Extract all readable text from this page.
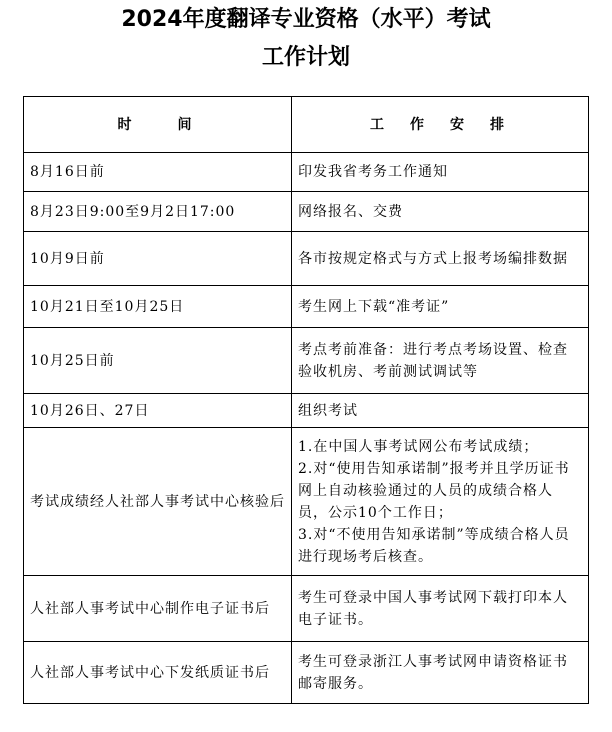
2024年度翻译专业资格（水平）考试
工作计划
时　　间	工　作　安　排
8月16日前	印发我省考务工作通知
8月23日9:00至9月2日17:00	网络报名、交费
10月9日前	各市按规定格式与方式上报考场编排数据
10月21日至10月25日	考生网上下载“准考证”
10月25日前	考点考前准备：进行考点考场设置、检查验收机房、考前测试调试等
10月26日、27日	组织考试
考试成绩经人社部人事考试中心核验后	1.在中国人事考试网公布考试成绩；
2.对“使用告知承诺制”报考并且学历证书网上自动核验通过的人员的成绩合格人员，公示10个工作日；
3.对“不使用告知承诺制”等成绩合格人员进行现场考后核查。

人社部人事考试中心制作电子证书后	考生可登录中国人事考试网下载打印本人电子证书。
人社部人事考试中心下发纸质证书后	考生可登录浙江人事考试网申请资格证书邮寄服务。
